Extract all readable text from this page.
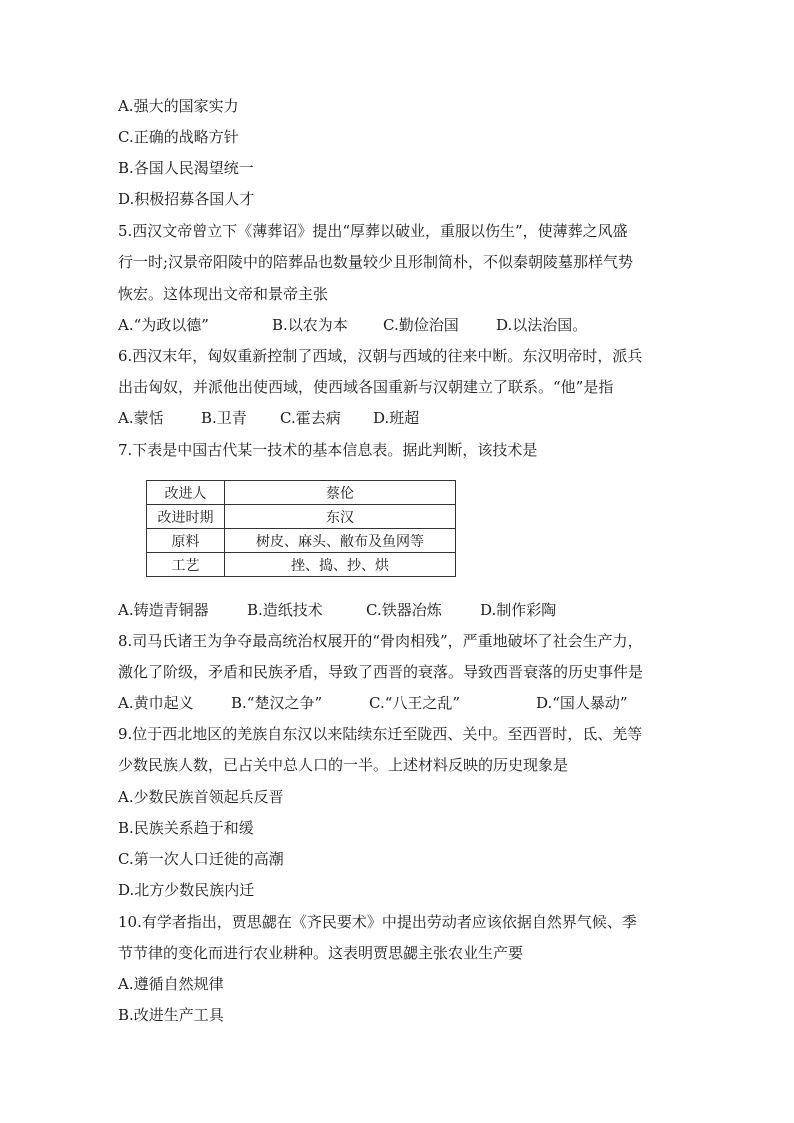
A.强大的国家实力
C.正确的战略方针
B.各国人民渴望统一
D.积极招募各国人才
5.西汉文帝曾立下《薄葬诏》提出“厚葬以破业，重服以伤生”，使薄葬之风盛
行一时;汉景帝阳陵中的陪葬品也数量较少且形制简朴，不似秦朝陵墓那样气势
恢宏。这体现出文帝和景帝主张
A.“为政以德”	B.以农为本 C.勤俭治国 D.以法治国。
6.西汉末年，匈奴重新控制了西域，汉朝与西域的往来中断。东汉明帝时，派兵
出击匈奴，并派他出使西域，使西域各国重新与汉朝建立了联系。“他”是指
A.蒙恬 B.卫青 C.霍去病 D.班超
7.下表是中国古代某一技术的基本信息表。据此判断，该技术是
改进人	蔡伦
改进时期	东汉
原料	树皮、麻头、敝布及鱼网等
工艺	挫、捣、抄、烘
A.铸造青铜器	B.造纸技术	C.铁器冶炼	D.制作彩陶
8.司马氏诸王为争夺最高统治权展开的“骨肉相残”，严重地破坏了社会生产力，
激化了阶级，矛盾和民族矛盾，导致了西晋的衰落。导致西晋衰落的历史事件是
A.黄巾起义 B.“楚汉之争”	C.“八王之乱”	D.“国人暴动”
9.位于西北地区的羌族自东汉以来陆续东迁至陇西、关中。至西晋时，氐、羌等
少数民族人数，已占关中总人口的一半。上述材料反映的历史现象是
A.少数民族首领起兵反晋
B.民族关系趋于和缓
C.第一次人口迁徙的高潮
D.北方少数民族内迁
10.有学者指出，贾思勰在《齐民要术》中提出劳动者应该依据自然界气候、季
节节律的变化而进行农业耕种。这表明贾思勰主张农业生产要
A.遵循自然规律
B.改进生产工具
